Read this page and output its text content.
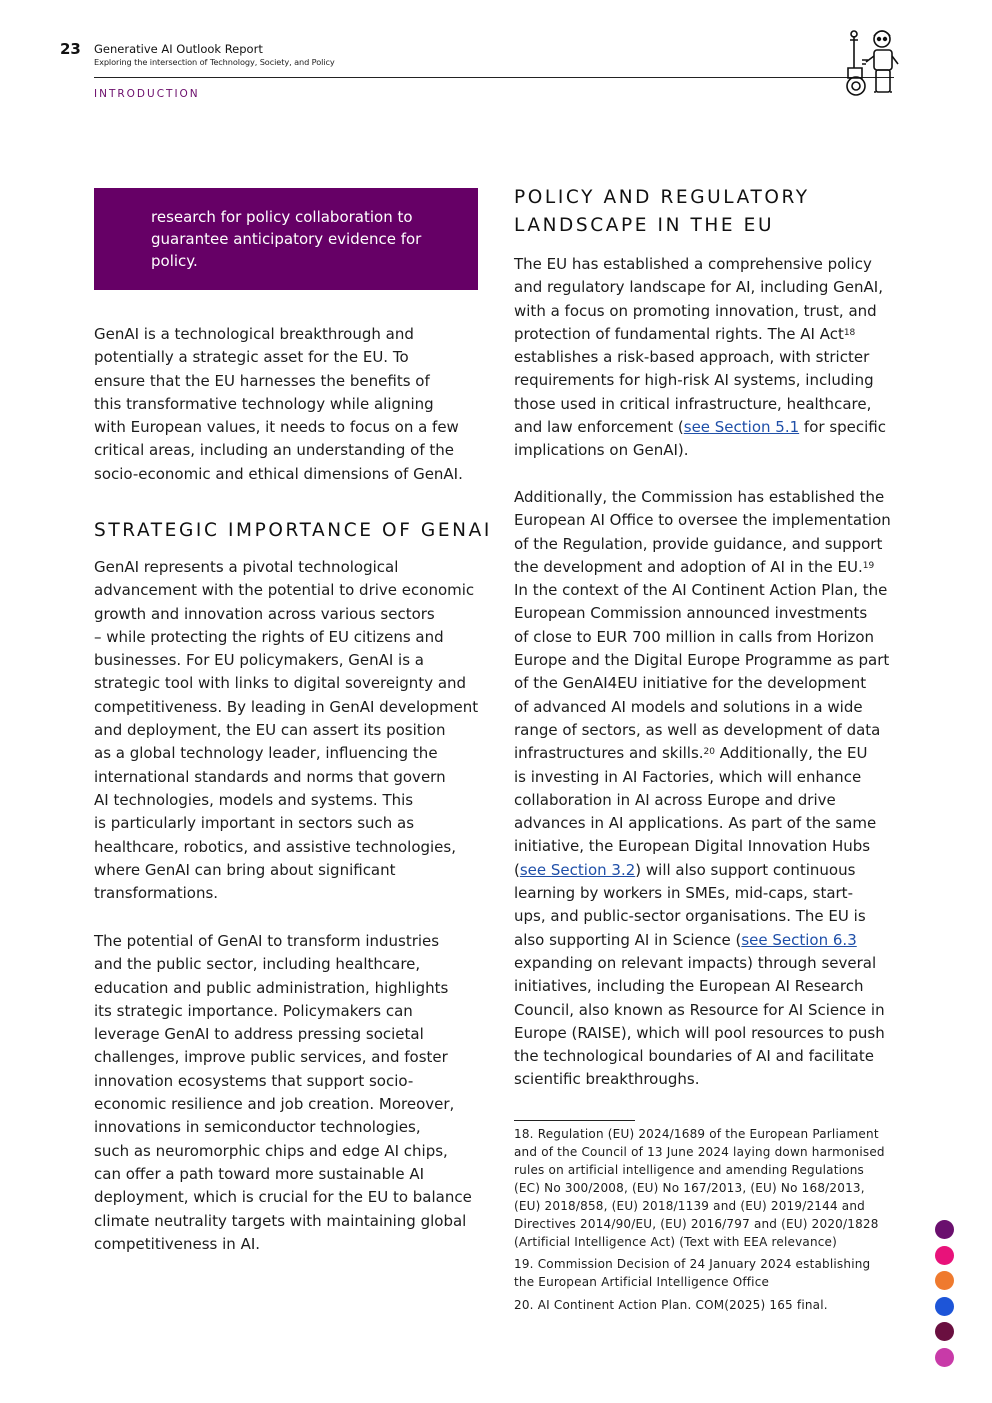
23 Generative AI Outlook Report
Exploring the intersection of Technology, Society, and Policy
INTRODUCTION
research for policy collaboration to
guarantee anticipatory evidence for
policy.
GenAI is a technological breakthrough and
potentially a strategic asset for the EU. To
ensure that the EU harnesses the benefits of
this transformative technology while aligning
with European values, it needs to focus on a few
critical areas, including an understanding of the
socio-economic and ethical dimensions of GenAI.
STRATEGIC IMPORTANCE OF GENAI
GenAI represents a pivotal technological
advancement with the potential to drive economic
growth and innovation across various sectors
– while protecting the rights of EU citizens and
businesses. For EU policymakers, GenAI is a
strategic tool with links to digital sovereignty and
competitiveness. By leading in GenAI development
and deployment, the EU can assert its position
as a global technology leader, influencing the
international standards and norms that govern
AI technologies, models and systems. This
is particularly important in sectors such as
healthcare, robotics, and assistive technologies,
where GenAI can bring about significant
transformations.
The potential of GenAI to transform industries
and the public sector, including healthcare,
education and public administration, highlights
its strategic importance. Policymakers can
leverage GenAI to address pressing societal
challenges, improve public services, and foster
innovation ecosystems that support socio-
economic resilience and job creation. Moreover,
innovations in semiconductor technologies,
such as neuromorphic chips and edge AI chips,
can offer a path toward more sustainable AI
deployment, which is crucial for the EU to balance
climate neutrality targets with maintaining global
competitiveness in AI.
POLICY AND REGULATORY
LANDSCAPE IN THE EU
The EU has established a comprehensive policy
and regulatory landscape for AI, including GenAI,
with a focus on promoting innovation, trust, and
protection of fundamental rights. The AI Act$^{18}$
establishes a risk-based approach, with stricter
requirements for high-risk AI systems, including
those used in critical infrastructure, healthcare,
and law enforcement (see Section 5.1 for specific
implications on GenAI).
Additionally, the Commission has established the
European AI Office to oversee the implementation
of the Regulation, provide guidance, and support
the development and adoption of AI in the EU.$^{19}$
In the context of the AI Continent Action Plan, the
European Commission announced investments
of close to EUR 700 million in calls from Horizon
Europe and the Digital Europe Programme as part
of the GenAI4EU initiative for the development
of advanced AI models and solutions in a wide
range of sectors, as well as development of data
infrastructures and skills.$^{20}$ Additionally, the EU
is investing in AI Factories, which will enhance
collaboration in AI across Europe and drive
advances in AI applications. As part of the same
initiative, the European Digital Innovation Hubs
(see Section 3.2) will also support continuous
learning by workers in SMEs, mid-caps, start-
ups, and public-sector organisations. The EU is
also supporting AI in Science (see Section 6.3
expanding on relevant impacts) through several
initiatives, including the European AI Research
Council, also known as Resource for AI Science in
Europe (RAISE), which will pool resources to push
the technological boundaries of AI and facilitate
scientific breakthroughs.
18. Regulation (EU) 2024/1689 of the European Parliament
and of the Council of 13 June 2024 laying down harmonised
rules on artificial intelligence and amending Regulations
(EC) No 300/2008, (EU) No 167/2013, (EU) No 168/2013,
(EU) 2018/858, (EU) 2018/1139 and (EU) 2019/2144 and
Directives 2014/90/EU, (EU) 2016/797 and (EU) 2020/1828
(Artificial Intelligence Act) (Text with EEA relevance)
19. Commission Decision of 24 January 2024 establishing
the European Artificial Intelligence Office
20. AI Continent Action Plan. COM(2025) 165 final.
